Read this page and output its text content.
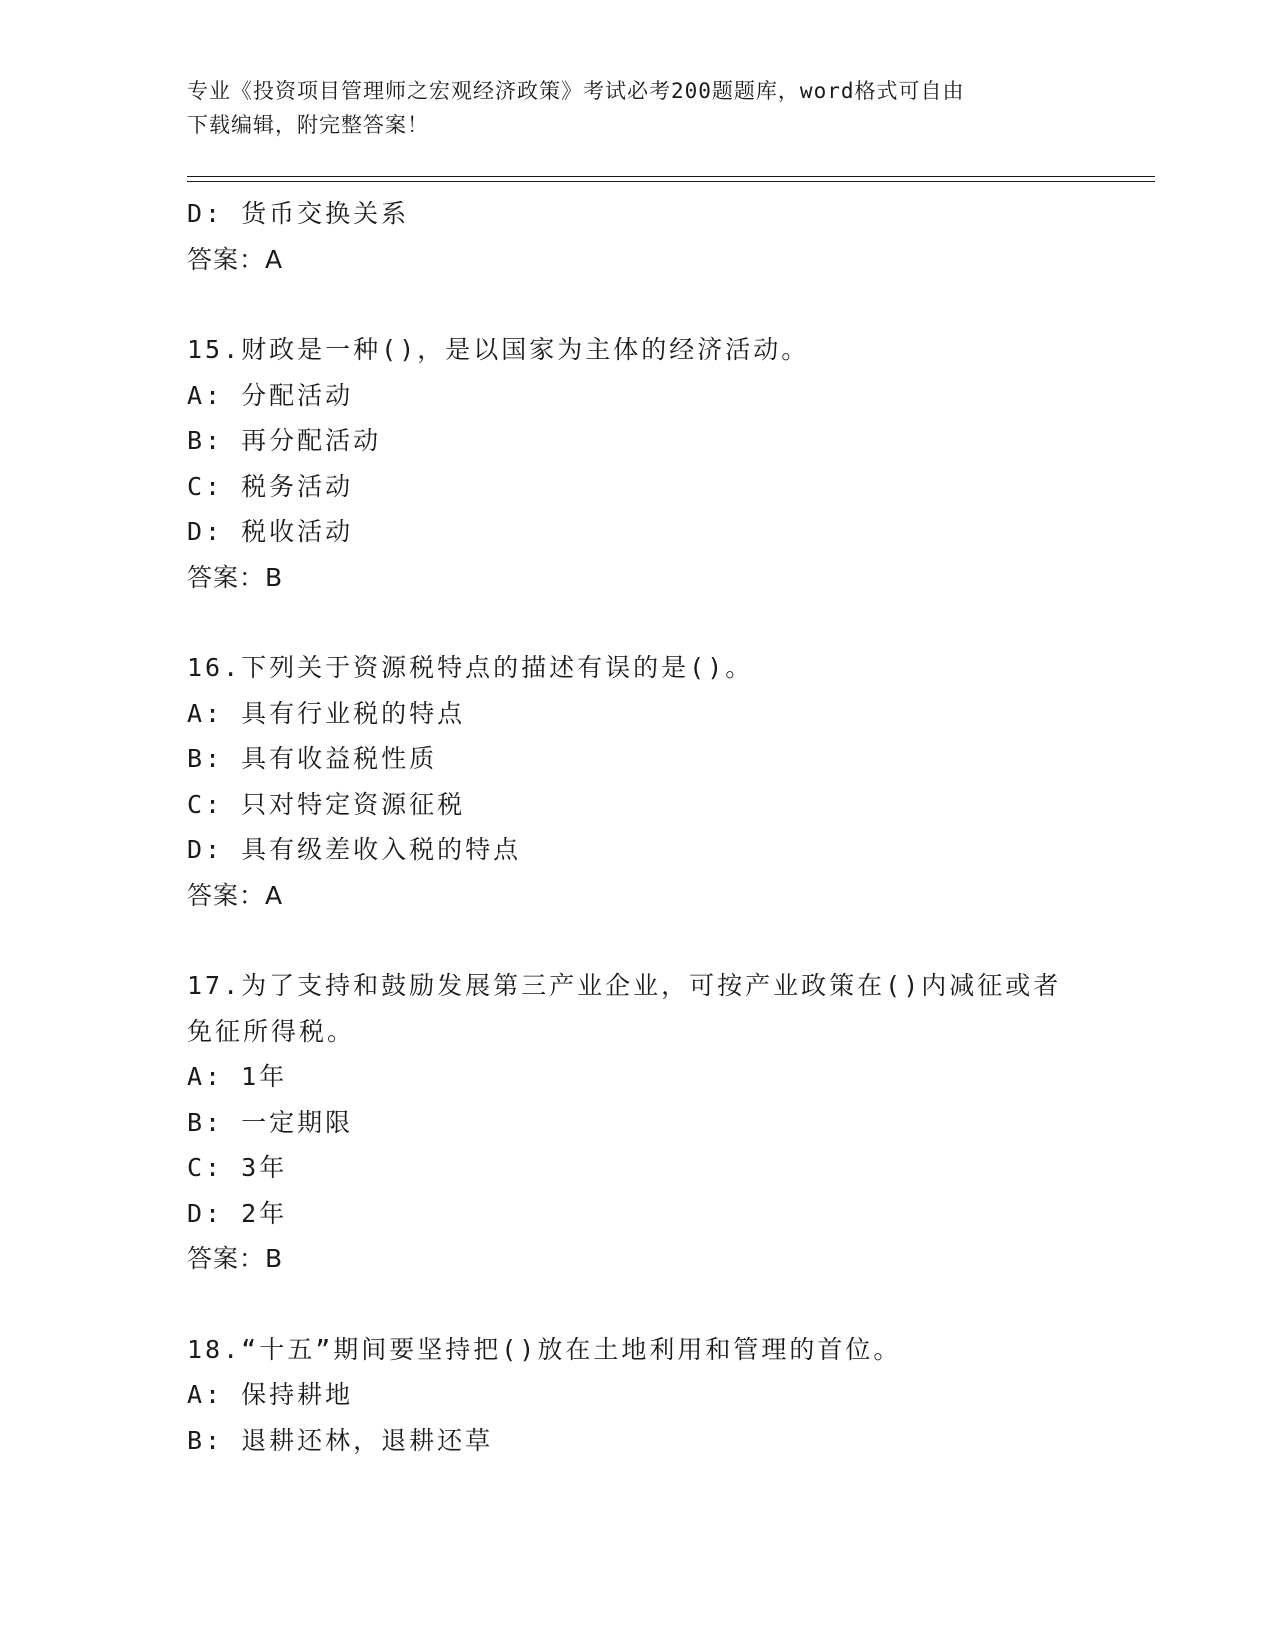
专业《投资项目管理师之宏观经济政策》考试必考200题题库，word格式可自由
下载编辑，附完整答案！
D: 货币交换关系
答案：A
15.财政是一种()，是以国家为主体的经济活动。
A: 分配活动
B: 再分配活动
C: 税务活动
D: 税收活动
答案：B
16.下列关于资源税特点的描述有误的是()。
A: 具有行业税的特点
B: 具有收益税性质
C: 只对特定资源征税
D: 具有级差收入税的特点
答案：A
17.为了支持和鼓励发展第三产业企业，可按产业政策在()内减征或者
免征所得税。
A: 1年
B: 一定期限
C: 3年
D: 2年
答案：B
18.“十五”期间要坚持把()放在土地利用和管理的首位。
A: 保持耕地
B: 退耕还林，退耕还草
